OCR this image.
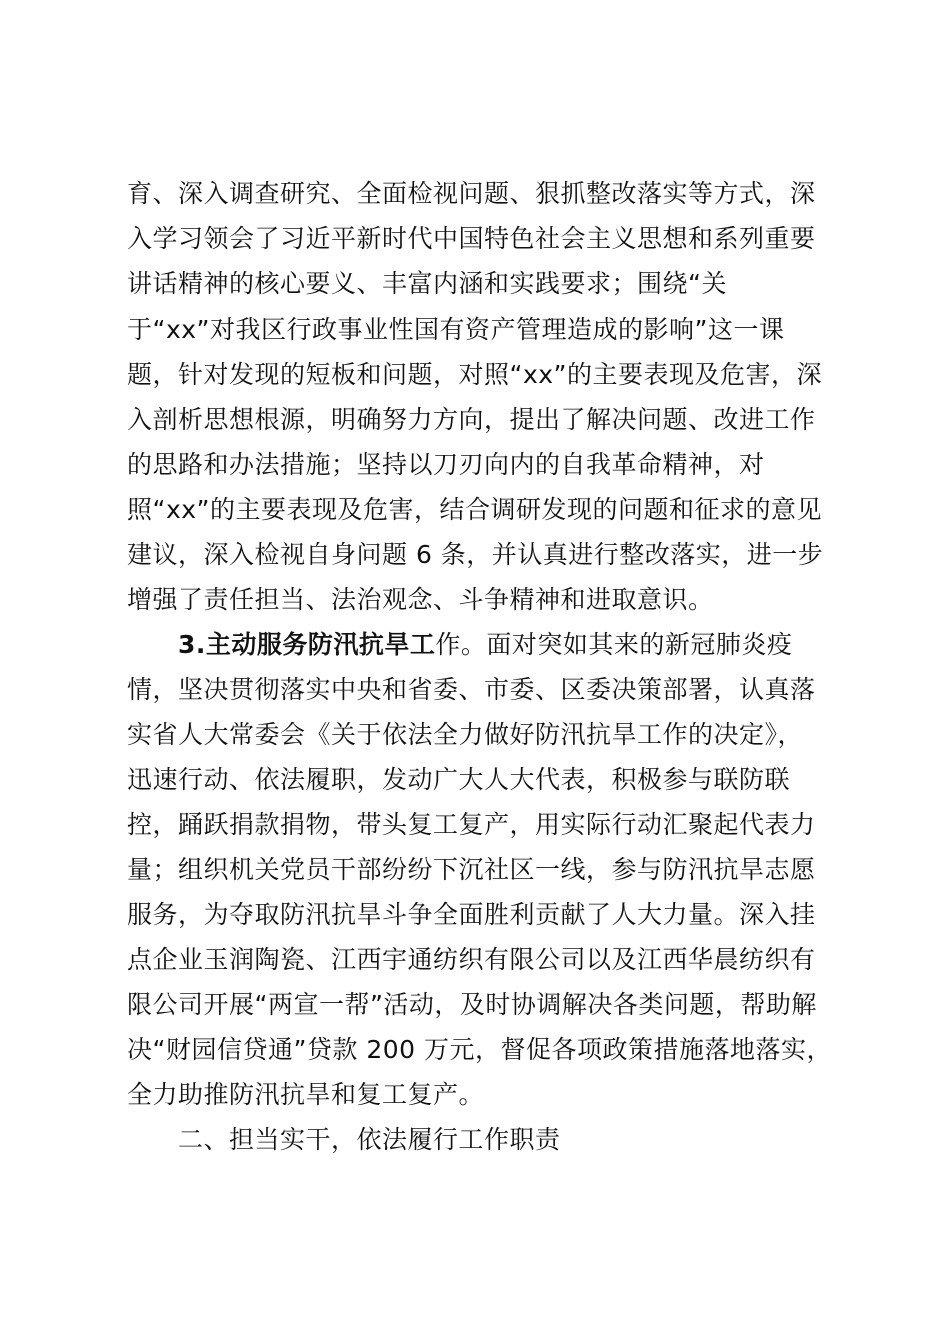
育、深入调查研究、全面检视问题、狠抓整改落实等方式，深
入学习领会了习近平新时代中国特色社会主义思想和系列重要
讲话精神的核心要义、丰富内涵和实践要求；围绕“关
于“xx”对我区行政事业性国有资产管理造成的影响”这一课
题，针对发现的短板和问题，对照“xx”的主要表现及危害，深
入剖析思想根源，明确努力方向，提出了解决问题、改进工作
的思路和办法措施；坚持以刀刃向内的自我革命精神，对
照“xx”的主要表现及危害，结合调研发现的问题和征求的意见
建议，深入检视自身问题 6 条，并认真进行整改落实，进一步
增强了责任担当、法治观念、斗争精神和进取意识。
3.主动服务防汛抗旱工作。面对突如其来的新冠肺炎疫
情，坚决贯彻落实中央和省委、市委、区委决策部署，认真落
实省人大常委会《关于依法全力做好防汛抗旱工作的决定》，
迅速行动、依法履职，发动广大人大代表，积极参与联防联
控，踊跃捐款捐物，带头复工复产，用实际行动汇聚起代表力
量；组织机关党员干部纷纷下沉社区一线，参与防汛抗旱志愿
服务，为夺取防汛抗旱斗争全面胜利贡献了人大力量。深入挂
点企业玉润陶瓷、江西宇通纺织有限公司以及江西华晨纺织有
限公司开展“两宣一帮”活动，及时协调解决各类问题，帮助解
决“财园信贷通”贷款 200 万元，督促各项政策措施落地落实，
全力助推防汛抗旱和复工复产。
二、担当实干，依法履行工作职责
